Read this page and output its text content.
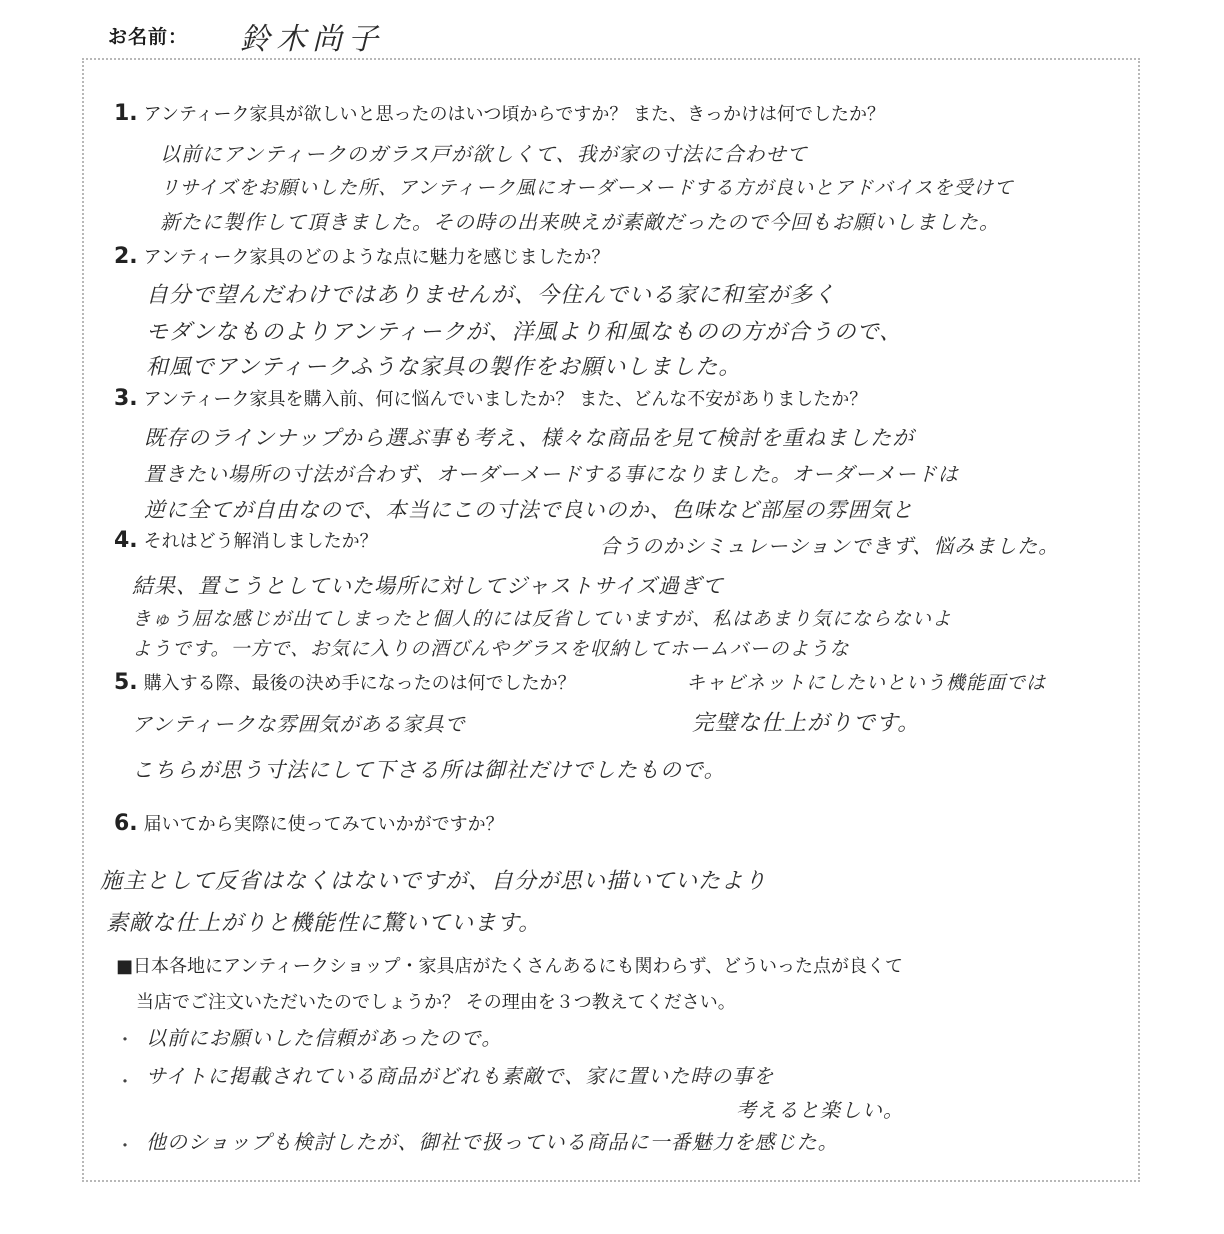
お名前： 鈴木尚子
1. アンティーク家具が欲しいと思ったのはいつ頃からですか？ また、きっかけは何でしたか？
以前にアンティークのガラス戸が欲しくて、我が家の寸法に合わせて
リサイズをお願いした所、アンティーク風にオーダーメードする方が良いとアドバイスを受けて
新たに製作して頂きました。その時の出来映えが素敵だったので今回もお願いしました。
2. アンティーク家具のどのような点に魅力を感じましたか？
自分で望んだわけではありませんが、今住んでいる家に和室が多く
モダンなものよりアンティークが、洋風より和風なものの方が合うので、
和風でアンティークふうな家具の製作をお願いしました。
3. アンティーク家具を購入前、何に悩んでいましたか？ また、どんな不安がありましたか？
既存のラインナップから選ぶ事も考え、様々な商品を見て検討を重ねましたが
置きたい場所の寸法が合わず、オーダーメードする事になりました。オーダーメードは
逆に全てが自由なので、本当にこの寸法で良いのか、色味など部屋の雰囲気と
合うのかシミュレーションできず、悩みました。
4. それはどう解消しましたか？
結果、置こうとしていた場所に対してジャストサイズ過ぎて
きゅう屈な感じが出てしまったと個人的には反省していますが、私はあまり気にならないよ
ようです。一方で、お気に入りの酒びんやグラスを収納してホームバーのような
キャビネットにしたいという機能面では
5. 購入する際、最後の決め手になったのは何でしたか？
アンティークな雰囲気がある家具で	完璧な仕上がりです。
こちらが思う寸法にして下さる所は御社だけでしたもので。
6. 届いてから実際に使ってみていかがですか？
施主として反省はなくはないですが、自分が思い描いていたより
素敵な仕上がりと機能性に驚いています。
■日本各地にアンティークショップ・家具店がたくさんあるにも関わらず、どういった点が良くて
当店でご注文いただいたのでしょうか？ その理由を３つ教えてください。
・ 以前にお願いした信頼があったので。
・ サイトに掲載されている商品がどれも素敵で、家に置いた時の事を
考えると楽しい。
・ 他のショップも検討したが、御社で扱っている商品に一番魅力を感じた。
